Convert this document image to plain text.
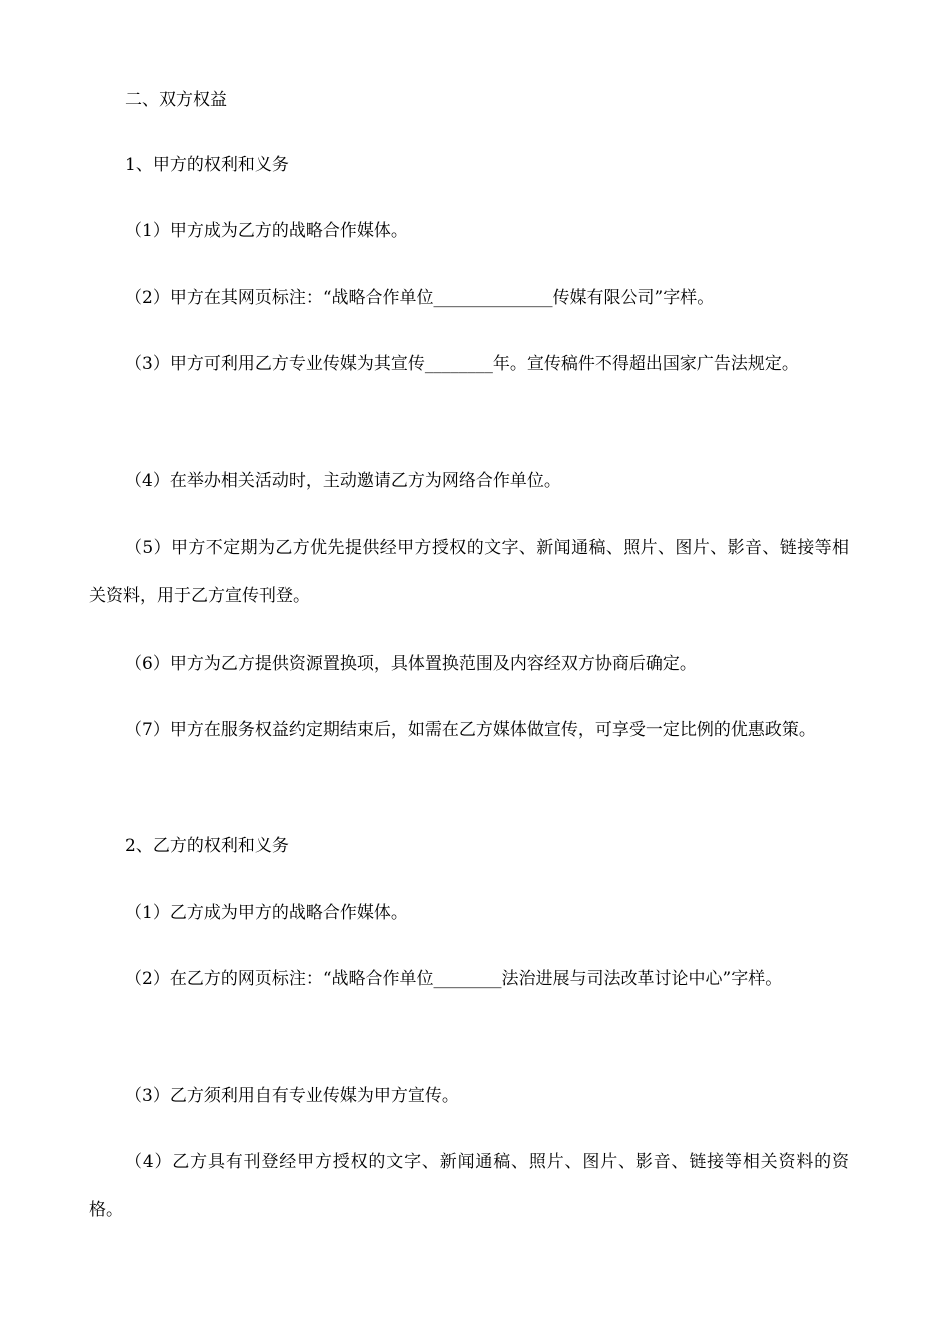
二、双方权益

1、甲方的权利和义务

（1）甲方成为乙方的战略合作媒体。

（2）甲方在其网页标注：“战略合作单位______________传媒有限公司”字样。

（3）甲方可利用乙方专业传媒为其宣传________年。宣传稿件不得超出国家广告法规定。

（4）在举办相关活动时，主动邀请乙方为网络合作单位。

（5）甲方不定期为乙方优先提供经甲方授权的文字、新闻通稿、照片、图片、影音、链接等相关资料，用于乙方宣传刊登。

（6）甲方为乙方提供资源置换项，具体置换范围及内容经双方协商后确定。

（7）甲方在服务权益约定期结束后，如需在乙方媒体做宣传，可享受一定比例的优惠政策。

2、乙方的权利和义务

（1）乙方成为甲方的战略合作媒体。

（2）在乙方的网页标注：“战略合作单位________法治进展与司法改革讨论中心”字样。

（3）乙方须利用自有专业传媒为甲方宣传。

（4）乙方具有刊登经甲方授权的文字、新闻通稿、照片、图片、影音、链接等相关资料的资格。
